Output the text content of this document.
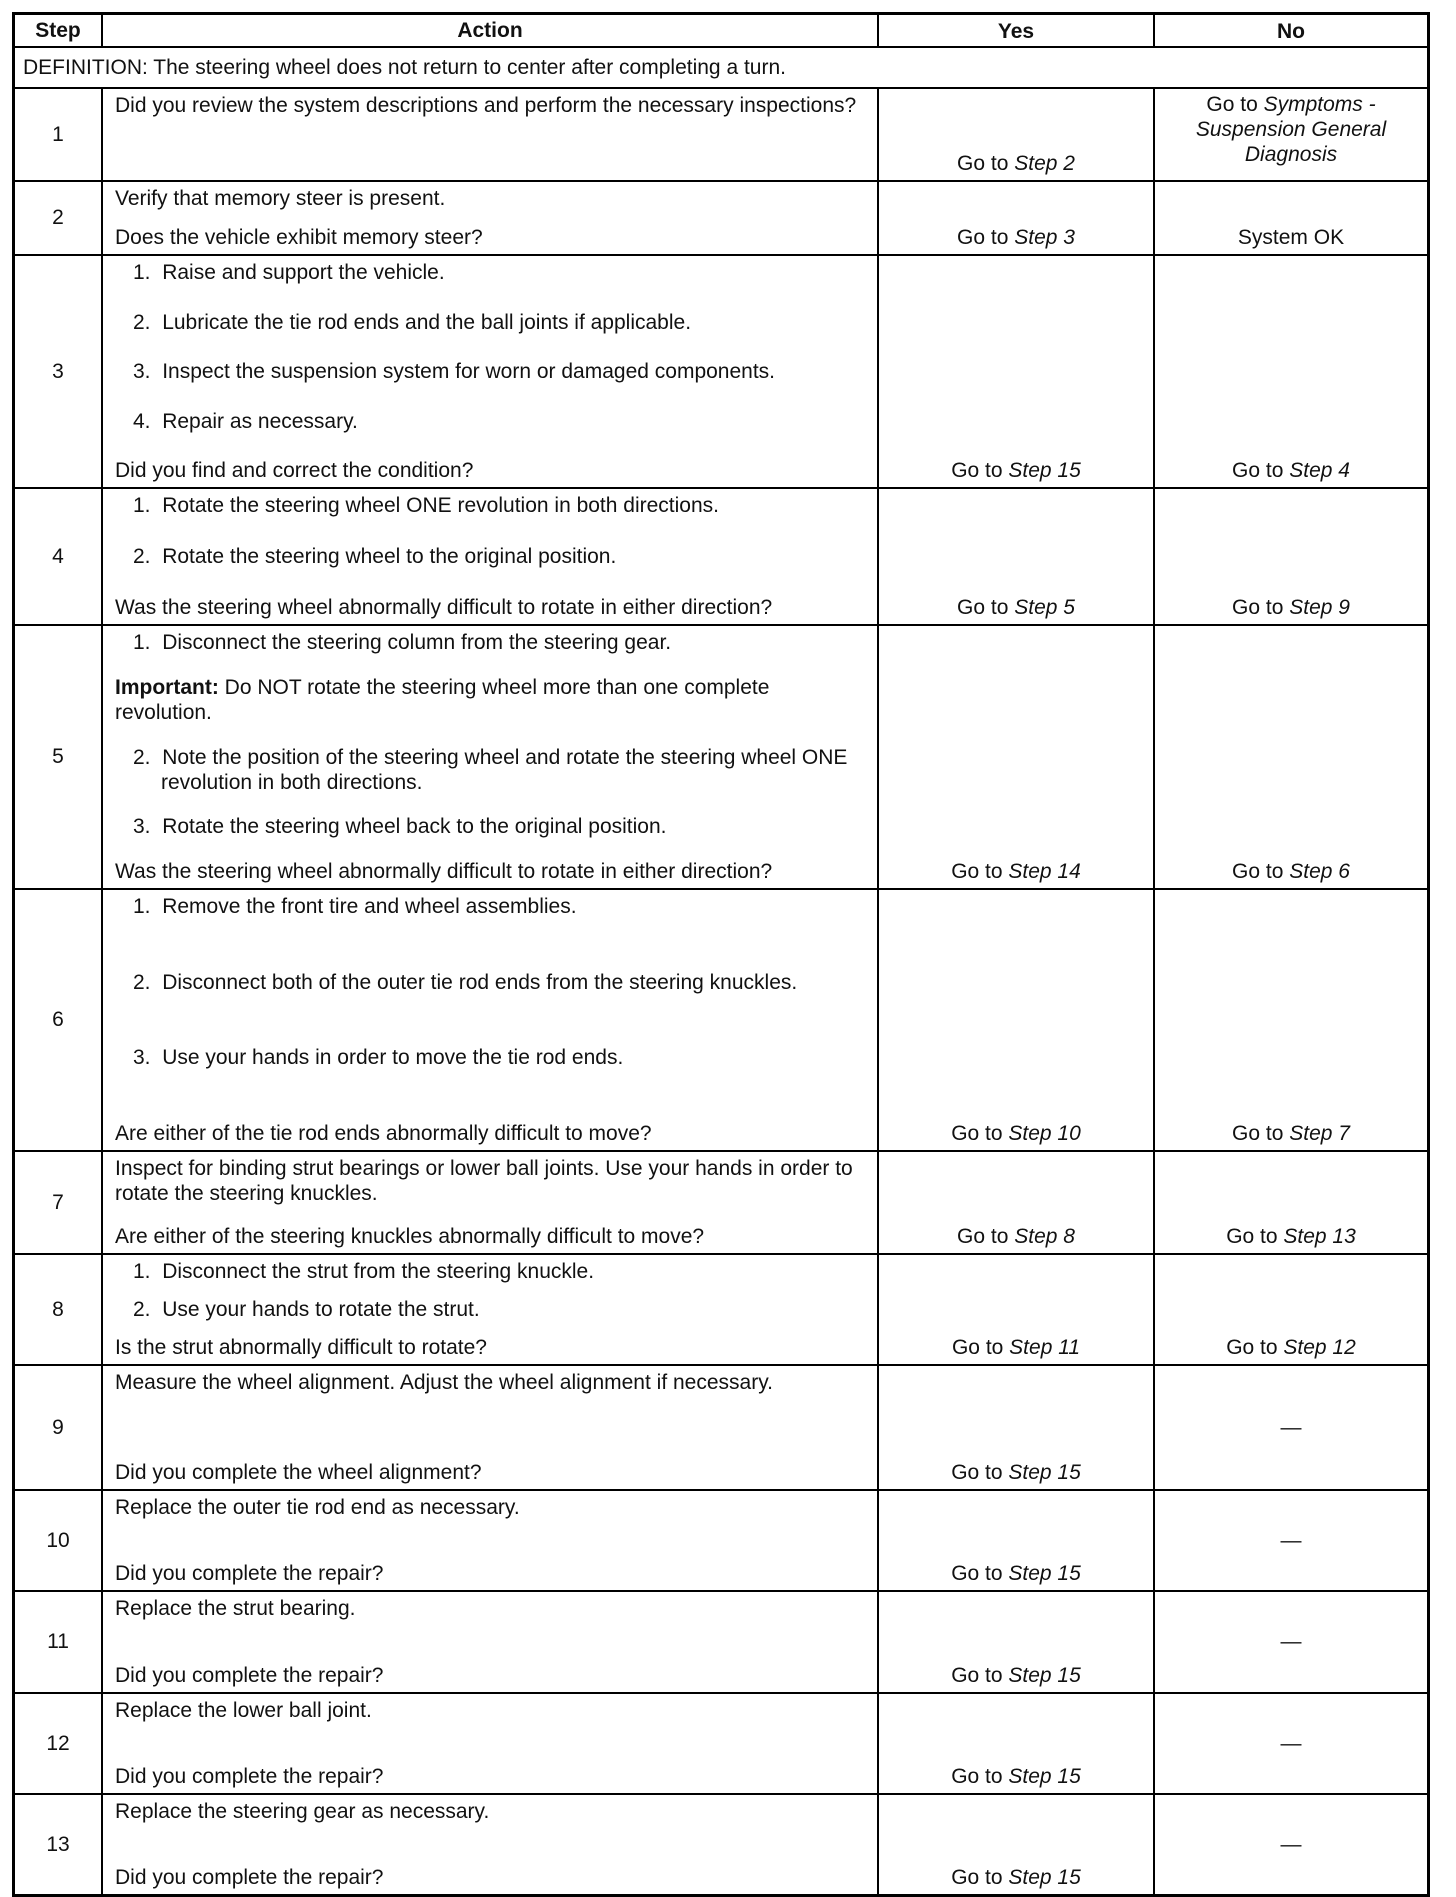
Step	Action	Yes	No
DEFINITION: The steering wheel does not return to center after completing a turn.			
1	Did you review the system descriptions and perform the necessary inspections?	Go to Step 2	Go to Symptoms - Suspension General Diagnosis
2	Verify that memory steer is present.
Does the vehicle exhibit memory steer?	Go to Step 3	System OK
3	1. Raise and support the vehicle.
2. Lubricate the tie rod ends and the ball joints if applicable.
3. Inspect the suspension system for worn or damaged components.
4. Repair as necessary.
Did you find and correct the condition?	Go to Step 15	Go to Step 4
4	1. Rotate the steering wheel ONE revolution in both directions.
2. Rotate the steering wheel to the original position.
Was the steering wheel abnormally difficult to rotate in either direction?	Go to Step 5	Go to Step 9
5	1. Disconnect the steering column from the steering gear.
Important: Do NOT rotate the steering wheel more than one complete revolution.
2. Note the position of the steering wheel and rotate the steering wheel ONE revolution in both directions.
3. Rotate the steering wheel back to the original position.
Was the steering wheel abnormally difficult to rotate in either direction?	Go to Step 14	Go to Step 6
6	1. Remove the front tire and wheel assemblies.
2. Disconnect both of the outer tie rod ends from the steering knuckles.
3. Use your hands in order to move the tie rod ends.
Are either of the tie rod ends abnormally difficult to move?	Go to Step 10	Go to Step 7
7	Inspect for binding strut bearings or lower ball joints. Use your hands in order to rotate the steering knuckles.
Are either of the steering knuckles abnormally difficult to move?	Go to Step 8	Go to Step 13
8	1. Disconnect the strut from the steering knuckle.
2. Use your hands to rotate the strut.
Is the strut abnormally difficult to rotate?	Go to Step 11	Go to Step 12
9	Measure the wheel alignment. Adjust the wheel alignment if necessary.
Did you complete the wheel alignment?	Go to Step 15	—
10	Replace the outer tie rod end as necessary.
Did you complete the repair?	Go to Step 15	—
11	Replace the strut bearing.
Did you complete the repair?	Go to Step 15	—
12	Replace the lower ball joint.
Did you complete the repair?	Go to Step 15	—
13	Replace the steering gear as necessary.
Did you complete the repair?	Go to Step 15	—
